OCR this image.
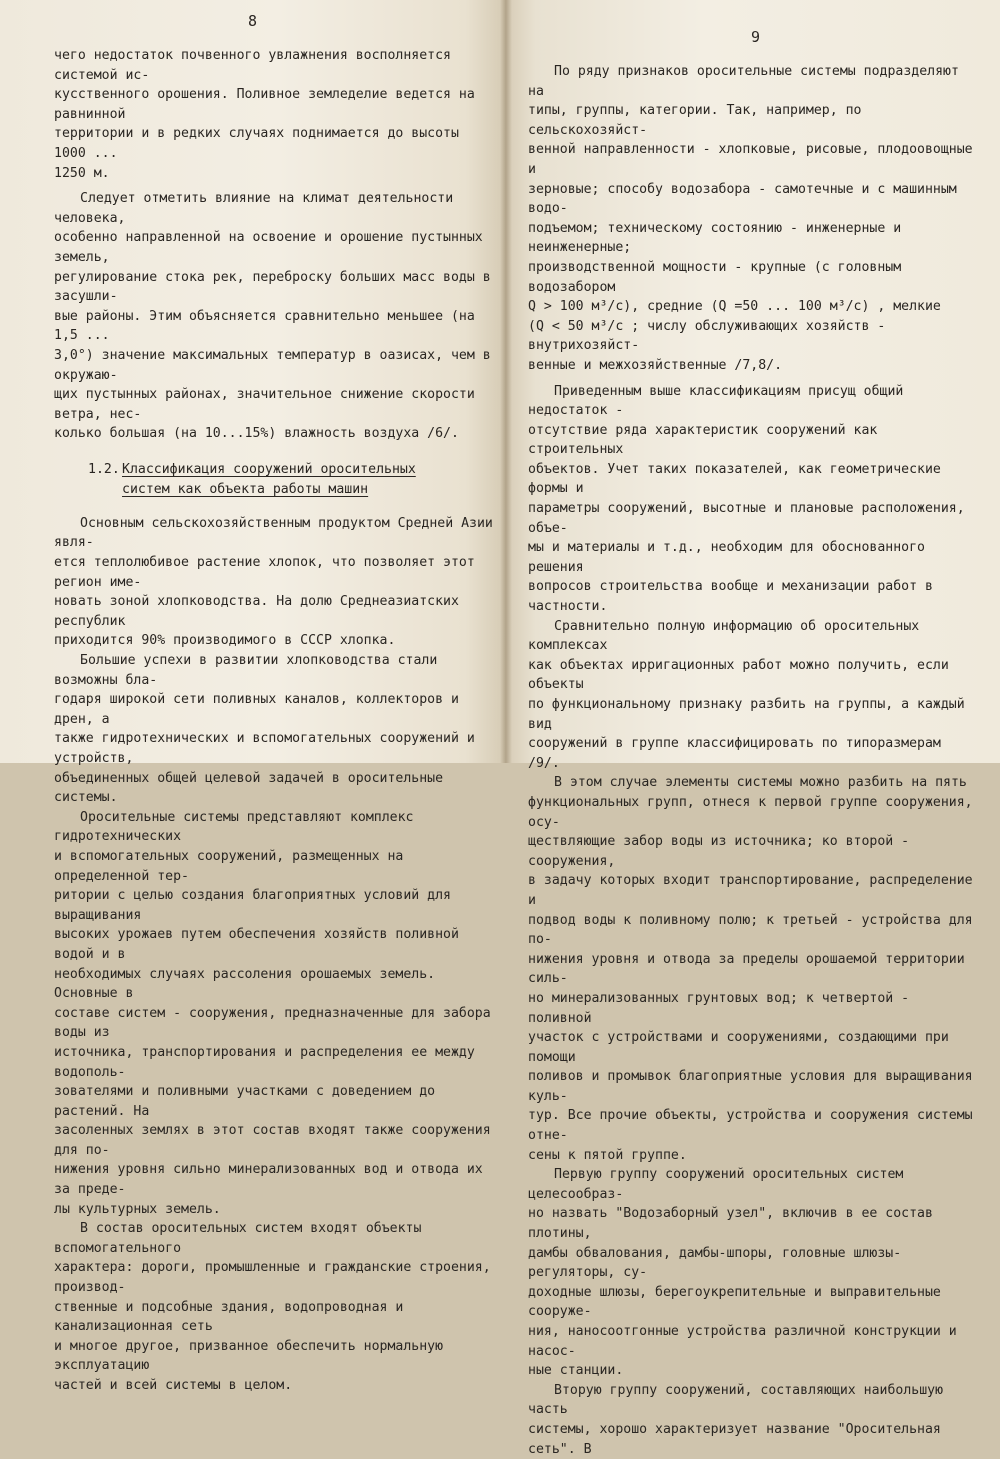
8

чего недостаток почвенного увлажнения восполняется системой ис-

кусственного орошения. Поливное земледелие ведется на равнинной

территории и в редких случаях поднимается до высоты 1000 ...

1250 м.

Следует отметить влияние на климат деятельности человека,

особенно направленной на освоение и орошение пустынных земель,

регулирование стока рек, переброску больших масс воды в засушли-

вые районы. Этим объясняется сравнительно меньшее (на 1,5 ...

3,0°) значение максимальных температур в оазисах, чем в окружаю-

щих пустынных районах, значительное снижение скорости ветра, нес-

колько большая (на 10...15%) влажность воздуха /6/.

1.2. Классификация сооружений оросительных
систем как объекта работы машин

Основным сельскохозяйственным продуктом Средней Азии явля-

ется теплолюбивое растение хлопок, что позволяет этот регион име-

новать зоной хлопководства. На долю Среднеазиатских республик

приходится 90% производимого в СССР хлопка.

Большие успехи в развитии хлопководства стали возможны бла-

годаря широкой сети поливных каналов, коллекторов и дрен, а

также гидротехнических и вспомогательных сооружений и устройств,

объединенных общей целевой задачей в оросительные системы.

Оросительные системы представляют комплекс гидротехнических

и вспомогательных сооружений, размещенных на определенной тер-

ритории с целью создания благоприятных условий для выращивания

высоких урожаев путем обеспечения хозяйств поливной водой и в

необходимых случаях рассоления орошаемых земель. Основные в

составе систем - сооружения, предназначенные для забора воды из

источника, транспортирования и распределения ее между водополь-

зователями и поливными участками с доведением до растений. На

засоленных землях в этот состав входят также сооружения для по-

нижения уровня сильно минерализованных вод и отвода их за преде-

лы культурных земель.

В состав оросительных систем входят объекты вспомогательного

характера: дороги, промышленные и гражданские строения, производ-

ственные и подсобные здания, водопроводная и канализационная сеть

и многое другое, призванное обеспечить нормальную эксплуатацию

частей и всей системы в целом.

9

По ряду признаков оросительные системы подразделяют на

типы, группы, категории. Так, например, по сельскохозяйст-

венной направленности - хлопковые, рисовые, плодоовощные и

зерновые; способу водозабора - самотечные и с машинным водо-

подъемом; техническому состоянию - инженерные и неинженерные;

производственной мощности - крупные (с головным водозабором

Q > 100 м³/с), средние (Q =50 ... 100 м³/с) , мелкие

(Q < 50 м³/с ; числу обслуживающих хозяйств - внутрихозяйст-

венные и межхозяйственные /7,8/.

Приведенным выше классификациям присущ общий недостаток -

отсутствие ряда характеристик сооружений как строительных

объектов. Учет таких показателей, как геометрические формы и

параметры сооружений, высотные и плановые расположения, объе-

мы и материалы и т.д., необходим для обоснованного решения

вопросов строительства вообще и механизации работ в частности.

Сравнительно полную информацию об оросительных комплексах

как объектах ирригационных работ можно получить, если объекты

по функциональному признаку разбить на группы, а каждый вид

сооружений в группе классифицировать по типоразмерам /9/.

В этом случае элементы системы можно разбить на пять

функциональных групп, отнеся к первой группе сооружения, осу-

ществляющие забор воды из источника; ко второй - сооружения,

в задачу которых входит транспортирование, распределение и

подвод воды к поливному полю; к третьей - устройства для по-

нижения уровня и отвода за пределы орошаемой территории силь-

но минерализованных грунтовых вод; к четвертой - поливной

участок с устройствами и сооружениями, создающими при помощи

поливов и промывок благоприятные условия для выращивания куль-

тур. Все прочие объекты, устройства и сооружения системы отне-

сены к пятой группе.

Первую группу сооружений оросительных систем целесообраз-

но назвать "Водозаборный узел", включив в ее состав плотины,

дамбы обвалования, дамбы-шпоры, головные шлюзы-регуляторы, су-

доходные шлюзы, берегоукрепительные и выправительные сооруже-

ния, наносоотгонные устройства различной конструкции и насос-

ные станции.

Вторую группу сооружений, составляющих наибольшую часть

системы, хорошо характеризует название "Оросительная сеть". В
